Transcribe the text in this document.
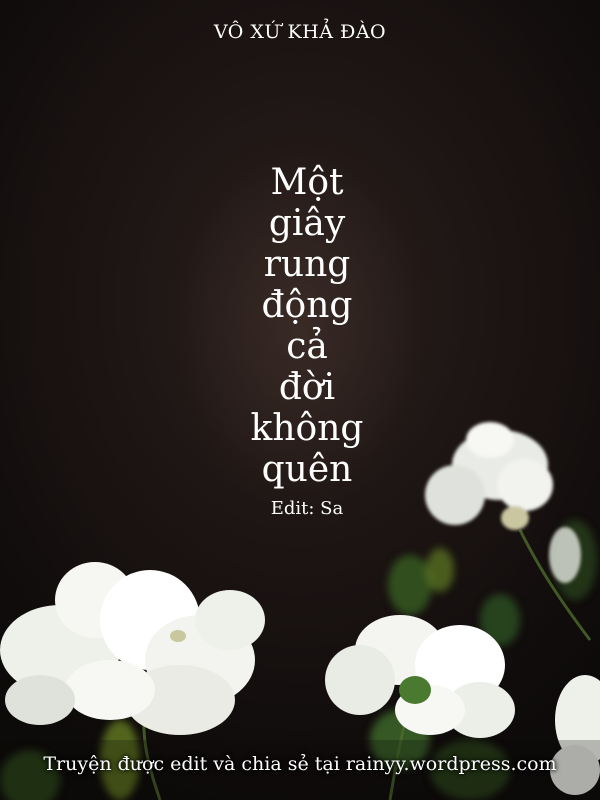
VÔ XỨ KHẢ ĐÀO
Một
giây
rung
động
cả
đời
không
quên
Edit: Sa
Truyện được edit và chia sẻ tại rainyy.wordpress.com
